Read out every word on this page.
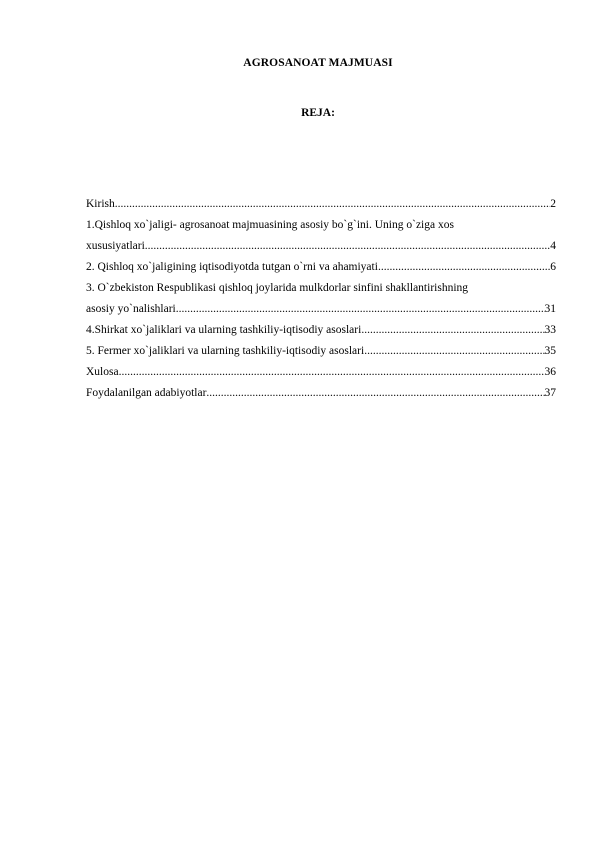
AGROSANOAT MAJMUASI
REJA:
Kirish .....	2
1.Qishloq xo`jaligi- agrosanoat majmuasining asosiy bo`g`ini. Uning o`ziga xos
xususiyatlari .....	4
2. Qishloq xo`jaligining iqtisodiyotda tutgan o`rni va ahamiyati .....	6
3. O`zbekiston Respublikasi qishloq joylarida mulkdorlar sinfini shakllantirishning
asosiy yo`nalishlari .....	31
4.Shirkat xo`jaliklari va ularning tashkiliy-iqtisodiy asoslari .....	33
5. Fermer xo`jaliklari va ularning tashkiliy-iqtisodiy asoslari .....	35
Xulosa .....	36
Foydalanilgan adabiyotlar .....	37
